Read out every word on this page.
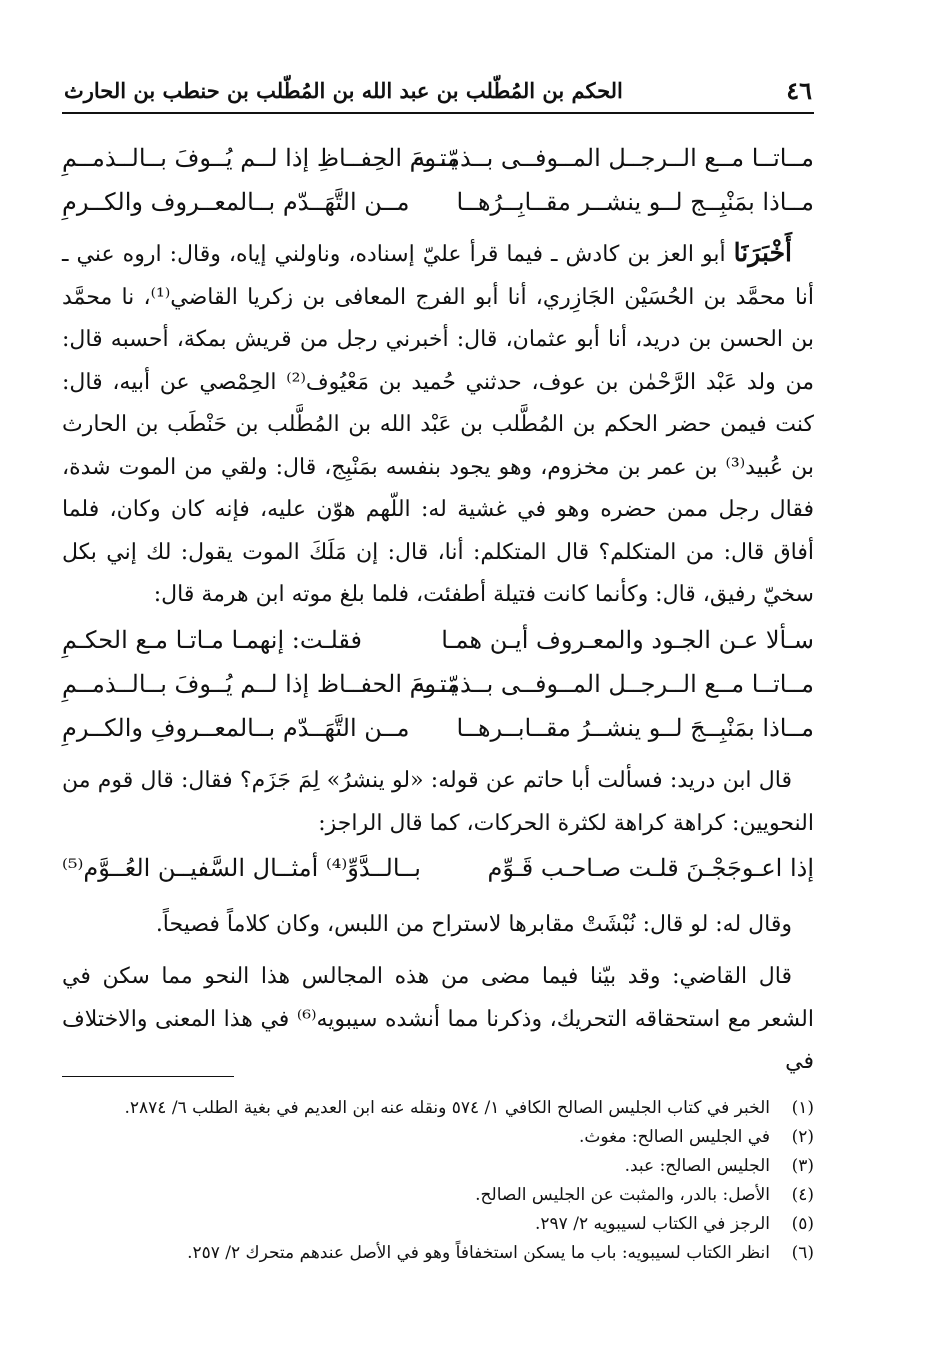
٤٦
الحكم بن المُطّلب بن عبد الله بن المُطّلب بن حنطب بن الحارث
مــاتــا مــع الــرجــل المــوفــى بــذمّتــه
يــومَ الحِفــاظِ إذا لــم يُــوفَ بــالــذمــمِ
مــاذا بمَنْبِــج لــو ينشــر مقــابِــرُهــا
مــن التَّهَــدّم بــالمعــروف والكــرمِ

أَخْبَرَنَا أبو العز بن كادش ـ فيما قرأ عليّ إسناده، وناولني إياه، وقال: اروه عني ـ أنا محمَّد بن الحُسَيْن الجَازِري، أنا أبو الفرج المعافى بن زكريا القاضي⁽¹⁾، نا محمَّد بن الحسن بن دريد، أنا أبو عثمان، قال: أخبرني رجل من قريش بمكة، أحسبه قال: من ولد عَبْد الرَّحْمٰن بن عوف، حدثني حُميد بن مَعْيُوف⁽²⁾ الحِمْصي عن أبيه، قال: كنت فيمن حضر الحكم بن المُطَّلب بن عَبْد الله بن المُطَّلب بن حَنْطَب بن الحارث بن عُبيد⁽³⁾ بن عمر بن مخزوم، وهو يجود بنفسه بمَنْبِج، قال: ولقي من الموت شدة، فقال رجل ممن حضره وهو في غشية له: اللّهم هوّن عليه، فإنه كان وكان، فلما أفاق قال: من المتكلم؟ قال المتكلم: أنا، قال: إن مَلَكَ الموت يقول: لك إني بكل سخيّ رفيق، قال: وكأنما كانت فتيلة أطفئت، فلما بلغ موته ابن هرمة قال:

سـألا عـن الجـود والمعـروف أيـن همـا
فقلـت: إنهمـا مـاتـا مـع الحكـمِ
مــاتــا مــع الــرجــل المــوفــى بــذمّتــه
يــومَ الحفــاظ إذا لــم يُــوفَ بــالــذمــمِ
مــاذا بمَنْبِــجَ لــو ينشــرُ مقــابــرهــا
مــن التَّهَــدّم بــالمعــروفِ والكــرمِ

قال ابن دريد: فسألت أبا حاتم عن قوله: «لو ينشرُ» لِمَ جَزَم؟ فقال: قال قوم من النحويين: كراهة كراهة لكثرة الحركات، كما قال الراجز:

إذا اعـوجَجْـنَ قلـت صـاحـب قَـوِّم
بــالــدَّوِّ⁽⁴⁾ أمثــال السَّفيــن العُــوَّم⁽⁵⁾

وقال له: لو قال: نُبْشَتْ مقابرها لاستراح من اللبس، وكان كلاماً فصيحاً.

قال القاضي: وقد بيّنا فيما مضى من هذه المجالس هذا النحو مما سكن في الشعر مع استحقاقه التحريك، وذكرنا مما أنشده سيبويه⁽⁶⁾ في هذا المعنى والاختلاف في

(١)
الخبر في كتاب الجليس الصالح الكافي ١/ ٥٧٤ ونقله عنه ابن العديم في بغية الطلب ٦/ ٢٨٧٤.
(٢)
في الجليس الصالح: مغوث.
(٣)
الجليس الصالح: عبد.
(٤)
الأصل: بالدر، والمثبت عن الجليس الصالح.
(٥)
الرجز في الكتاب لسيبويه ٢/ ٢٩٧.
(٦)
انظر الكتاب لسيبويه: باب ما يسكن استخفافاً وهو في الأصل عندهم متحرك ٢/ ٢٥٧.
